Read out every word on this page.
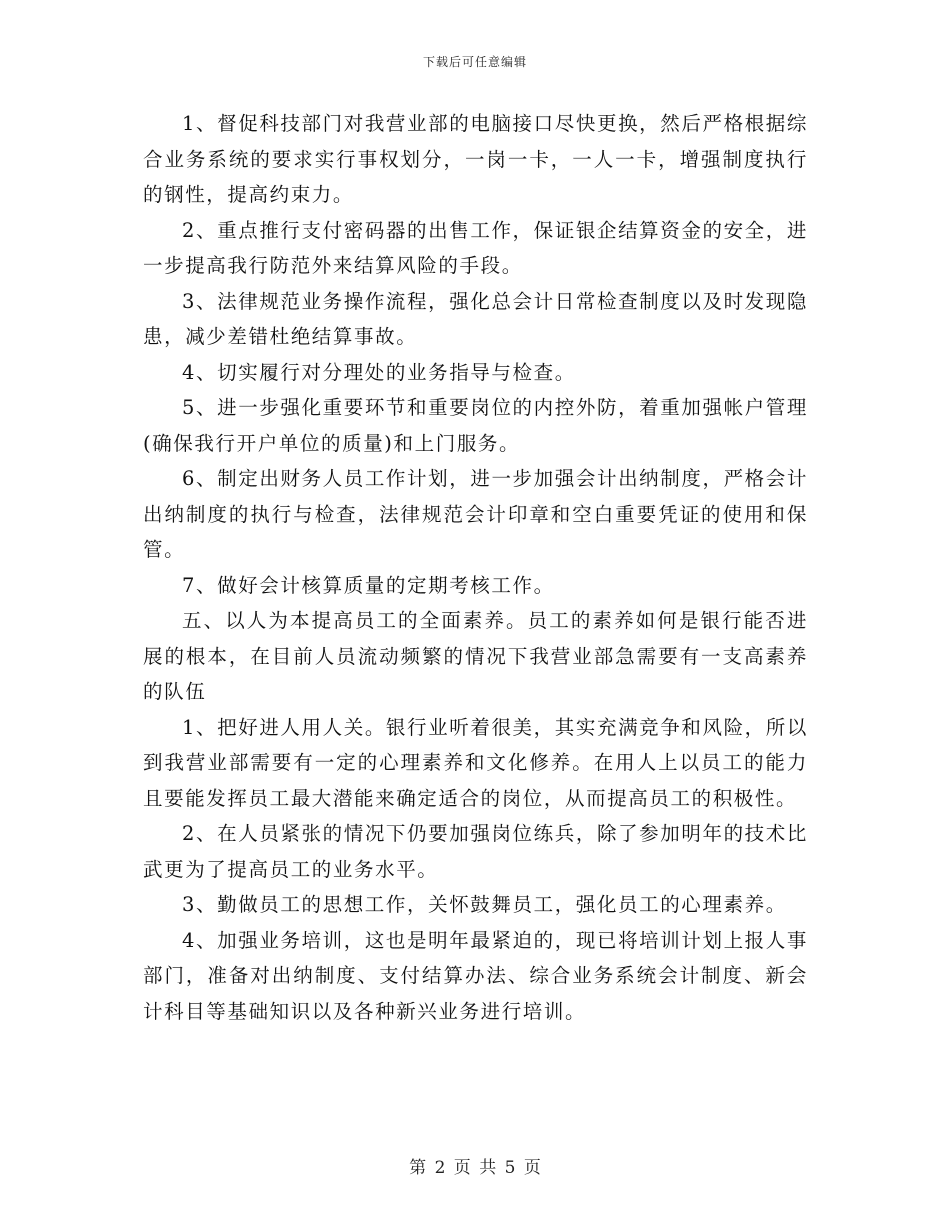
下载后可任意编辑

1、督促科技部门对我营业部的电脑接口尽快更换，然后严格根据综合业务系统的要求实行事权划分，一岗一卡，一人一卡，增强制度执行的钢性，提高约束力。

2、重点推行支付密码器的出售工作，保证银企结算资金的安全，进一步提高我行防范外来结算风险的手段。

3、法律规范业务操作流程，强化总会计日常检查制度以及时发现隐患，减少差错杜绝结算事故。

4、切实履行对分理处的业务指导与检查。

5、进一步强化重要环节和重要岗位的内控外防，着重加强帐户管理(确保我行开户单位的质量)和上门服务。

6、制定出财务人员工作计划，进一步加强会计出纳制度，严格会计出纳制度的执行与检查，法律规范会计印章和空白重要凭证的使用和保管。

7、做好会计核算质量的定期考核工作。

五、以人为本提高员工的全面素养。员工的素养如何是银行能否进展的根本，在目前人员流动频繁的情况下我营业部急需要有一支高素养的队伍

1、把好进人用人关。银行业听着很美，其实充满竞争和风险，所以到我营业部需要有一定的心理素养和文化修养。在用人上以员工的能力且要能发挥员工最大潜能来确定适合的岗位，从而提高员工的积极性。

2、在人员紧张的情况下仍要加强岗位练兵，除了参加明年的技术比武更为了提高员工的业务水平。

3、勤做员工的思想工作，关怀鼓舞员工，强化员工的心理素养。

4、加强业务培训，这也是明年最紧迫的，现已将培训计划上报人事部门，准备对出纳制度、支付结算办法、综合业务系统会计制度、新会计科目等基础知识以及各种新兴业务进行培训。

第 2 页 共 5 页
